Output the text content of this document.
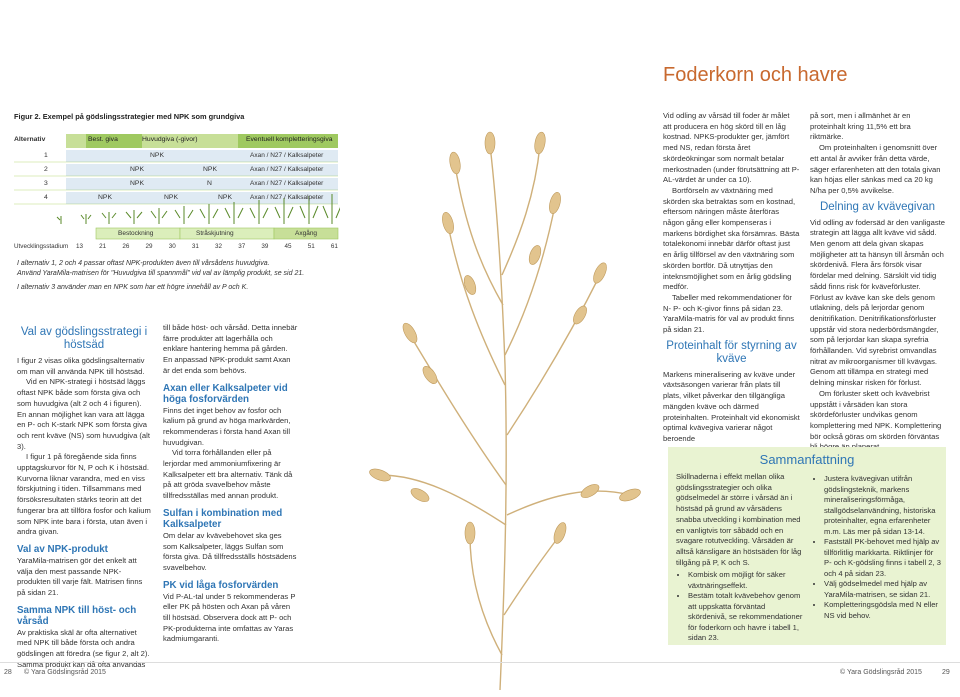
Foderkorn och havre
Figur 2. Exempel på gödslingsstrategier med NPK som grundgiva
Alternativ	Best. giva	Huvudgiva (-givor)	Eventuell kompletteringsgiva
1	NPK	Axan / N27 / Kalksalpeter
2	NPK	NPK	Axan / N27 / Kalksalpeter
3	NPK	N	Axan / N27 / Kalksalpeter
4	NPK	NPK	NPK	Axan / N27 / Kalksalpeter
Bestockning	Stråskjutning	Axgång
Utvecklingsstadium 13	21	26	29	30	31	32	37	39	45	51	61
I alternativ 1, 2 och 4 passar oftast NPK-produkten även till vårsådens huvudgiva.
Använd YaraMila-matrisen för "Huvudgiva till spannmål" vid val av lämplig produkt, se sid 21.
I alternativ 3 använder man en NPK som har ett högre innehåll av P och K.
Val av gödslingsstrategi i höstsäd

I figur 2 visas olika gödslingsalternativ om man vill använda NPK till höstsäd.

Vid en NPK-strategi i höstsäd läggs oftast NPK både som första giva och som huvudgiva (alt 2 och 4 i figuren). En annan möjlighet kan vara att lägga en P- och K-stark NPK som första giva och rent kväve (NS) som huvudgiva (alt 3).

I figur 1 på föregående sida finns upptagskurvor för N, P och K i höstsäd. Kurvorna liknar varandra, med en viss förskjutning i tiden. Tillsammans med försöksresultaten stärks teorin att det fungerar bra att tillföra fosfor och kalium som NPK inte bara i första, utan även i andra givan.

Val av NPK-produkt

YaraMila-matrisen gör det enkelt att välja den mest passande NPK-produkten till varje fält. Matrisen finns på sidan 21.

Samma NPK till höst- och vårsåd

Av praktiska skäl är ofta alternativet med NPK till både första och andra gödslingen att föredra (se figur 2, alt 2). Samma produkt kan då ofta användas

till både höst- och vårsåd. Detta innebär färre produkter att lagerhålla och enklare hantering hemma på gården. En anpassad NPK-produkt samt Axan är det enda som behövs.

Axan eller Kalksalpeter vid höga fosforvärden

Finns det inget behov av fosfor och kalium på grund av höga markvärden, rekommenderas i första hand Axan till huvudgivan.

Vid torra förhållanden eller på lerjordar med ammoniumfixering är Kalksalpeter ett bra alternativ. Tänk då på att gröda svavelbehov måste tillfredsställas med annan produkt.

Sulfan i kombination med Kalksalpeter

Om delar av kvävebehovet ska ges som Kalksalpeter, läggs Sulfan som första giva. Då tillfredsställs höstsädens svavelbehov.

PK vid låga fosforvärden

Vid P-AL-tal under 5 rekommenderas P eller PK på hösten och Axan på våren till höstsäd. Observera dock att P- och PK-produkterna inte omfattas av Yaras kadmiumgaranti.

Vid odling av vårsäd till foder är målet att producera en hög skörd till en låg kostnad. NPKS-produkter ger, jämfört med NS, redan första året skördeökningar som normalt betalar merkostnaden (under förutsättning att P-AL-värdet är under ca 10).

Bortförseln av växtnäring med skörden ska betraktas som en kostnad, eftersom näringen måste återföras någon gång eller kompenseras i markens bördighet ska försämras. Bästa totalekonomi innebär därför oftast just en årlig tillförsel av den växtnäring som skörden bortför. Då utnyttjas den inteknsmöjlighet som en årlig gödsling medför.

Tabeller med rekommendationer för N- P- och K-givor finns på sidan 23. YaraMila-matris för val av produkt finns på sidan 21.

Proteinhalt för styrning av kväve

Markens mineralisering av kväve under växtsäsongen varierar från plats till plats, vilket påverkar den tillgängliga mängden kväve och därmed proteinhalten. Proteinhalt vid ekonomiskt optimal kvävegiva varierar något beroende

på sort, men i allmänhet är en proteinhalt kring 11,5% ett bra riktmärke.

Om proteinhalten i genomsnitt över ett antal år avviker från detta värde, säger erfarenheten att den totala givan kan höjas eller sänkas med ca 20 kg N/ha per 0,5% avvikelse.

Delning av kvävegivan

Vid odling av fodersäd är den vanligaste strategin att lägga allt kväve vid sådd. Men genom att dela givan skapas möjligheter att ta hänsyn till årsmån och skördenivå. Flera års försök visar fördelar med delning. Särskilt vid tidig sådd finns risk för kväveförluster. Förlust av kväve kan ske dels genom utlakning, dels på lerjordar genom denitrifikation. Denitrifikationsförluster uppstår vid stora nederbördsmängder, som på lerjordar kan skapa syrefria förhållanden. Vid syrebrist omvandlas nitrat av mikroorganismer till kvävgas. Genom att tillämpa en strategi med delning minskar risken för förlust.

Om förluster skett och kvävebrist uppstått i vårsäden kan stora skördeförluster undvikas genom komplettering med NPK. Komplettering bör också göras om skörden förväntas

Sammanfattning

Skillnaderna i effekt mellan olika gödslingsstrategier och olika gödselmedel är större i vårsäd än i höstsäd på grund av vårsädens snabba utveckling i kombination med en vanligtvis torr såbädd och en svagare rotutveckling. Vårsäden är alltså känsligare än höstsäden för låg tillgång på P, K och S.

• Kombisk om möjligt för säker växtnäringseffekt.
• Bestäm totalt kvävebehov genom att uppskatta förväntad skördenivå, se rekommendationer för foderkorn och havre i tabell 1, sidan 23.
• Justera kvävegivan utifrån gödslingsteknik, markens mineraliseringsförmåga, stallgödselanvändning, historiska proteinhalter, egna erfarenheter m.m. Läs mer på sidan 13-14.
• Fastställ PK-behovet med hjälp av tillförlitlig markkarta. Riktlinjer för P- och K-gödsling finns i tabell 2, 3 och 4 på sidan 23.
• Välj gödselmedel med hjälp av YaraMila-matrisen, se sidan 21.
• Kompletteringsgödsla med N eller NS vid behov.
28 © Yara Gödslingsråd 2015	© Yara Gödslingsråd 2015	29
